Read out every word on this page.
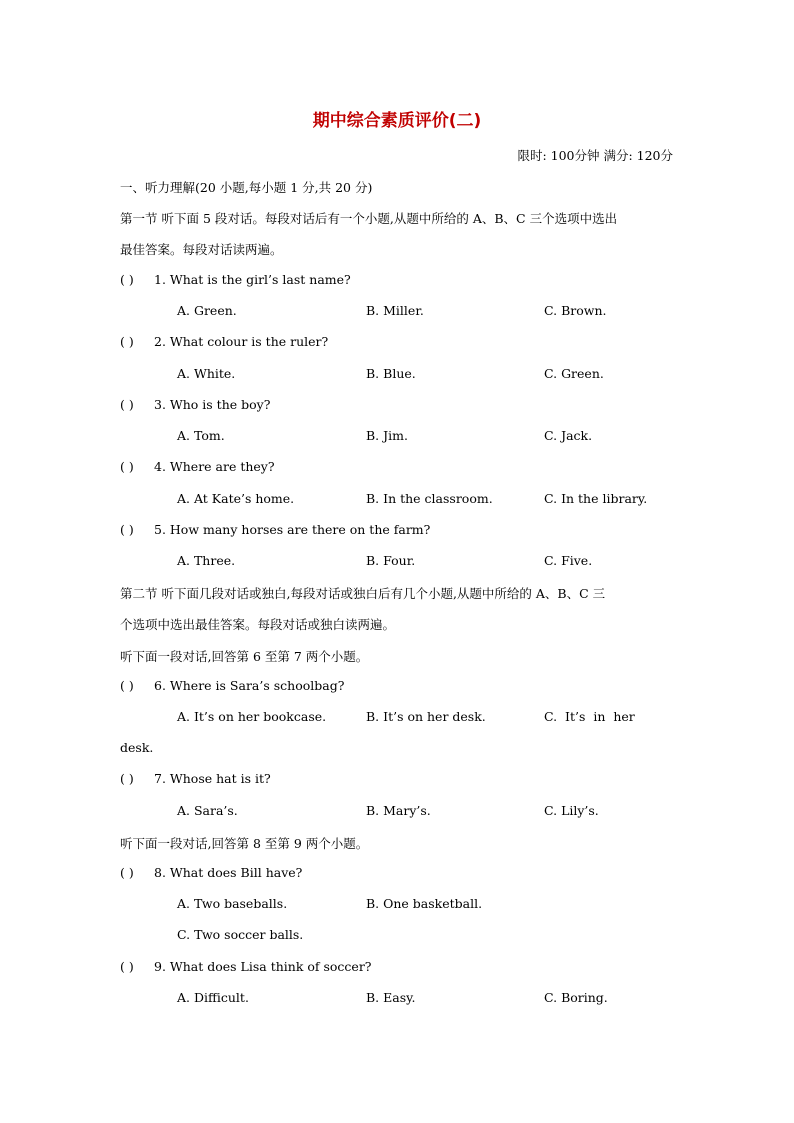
期中综合素质评价(二)
限时: 100分钟 满分: 120分
一、听力理解(20 小题,每小题 1 分,共 20 分)
第一节 听下面 5 段对话。每段对话后有一个小题,从题中所给的 A、B、C 三个选项中选出
最佳答案。每段对话读两遍。
( ) 1. What is the girl’s last name?
A. Green.	B. Miller.	C. Brown.
( ) 2. What colour is the ruler?
A. White.	B. Blue.	C. Green.
( ) 3. Who is the boy?
A. Tom.	B. Jim.	C. Jack.
( ) 4. Where are they?
A. At Kate’s home.	B. In the classroom.	C. In the library.
( ) 5. How many horses are there on the farm?
A. Three.	B. Four.	C. Five.
第二节 听下面几段对话或独白,每段对话或独白后有几个小题,从题中所给的 A、B、C 三
个选项中选出最佳答案。每段对话或独白读两遍。
听下面一段对话,回答第 6 至第 7 两个小题。
( ) 6. Where is Sara’s schoolbag?
A. It’s on her bookcase.	B. It’s on her desk.	C.  It’s  in  her
desk.
( ) 7. Whose hat is it?
A. Sara’s.	B. Mary’s.	C. Lily’s.
听下面一段对话,回答第 8 至第 9 两个小题。
( ) 8. What does Bill have?
A. Two baseballs.	B. One basketball.
C. Two soccer balls.
( ) 9. What does Lisa think of soccer?
A. Difficult.	B. Easy.	C. Boring.
